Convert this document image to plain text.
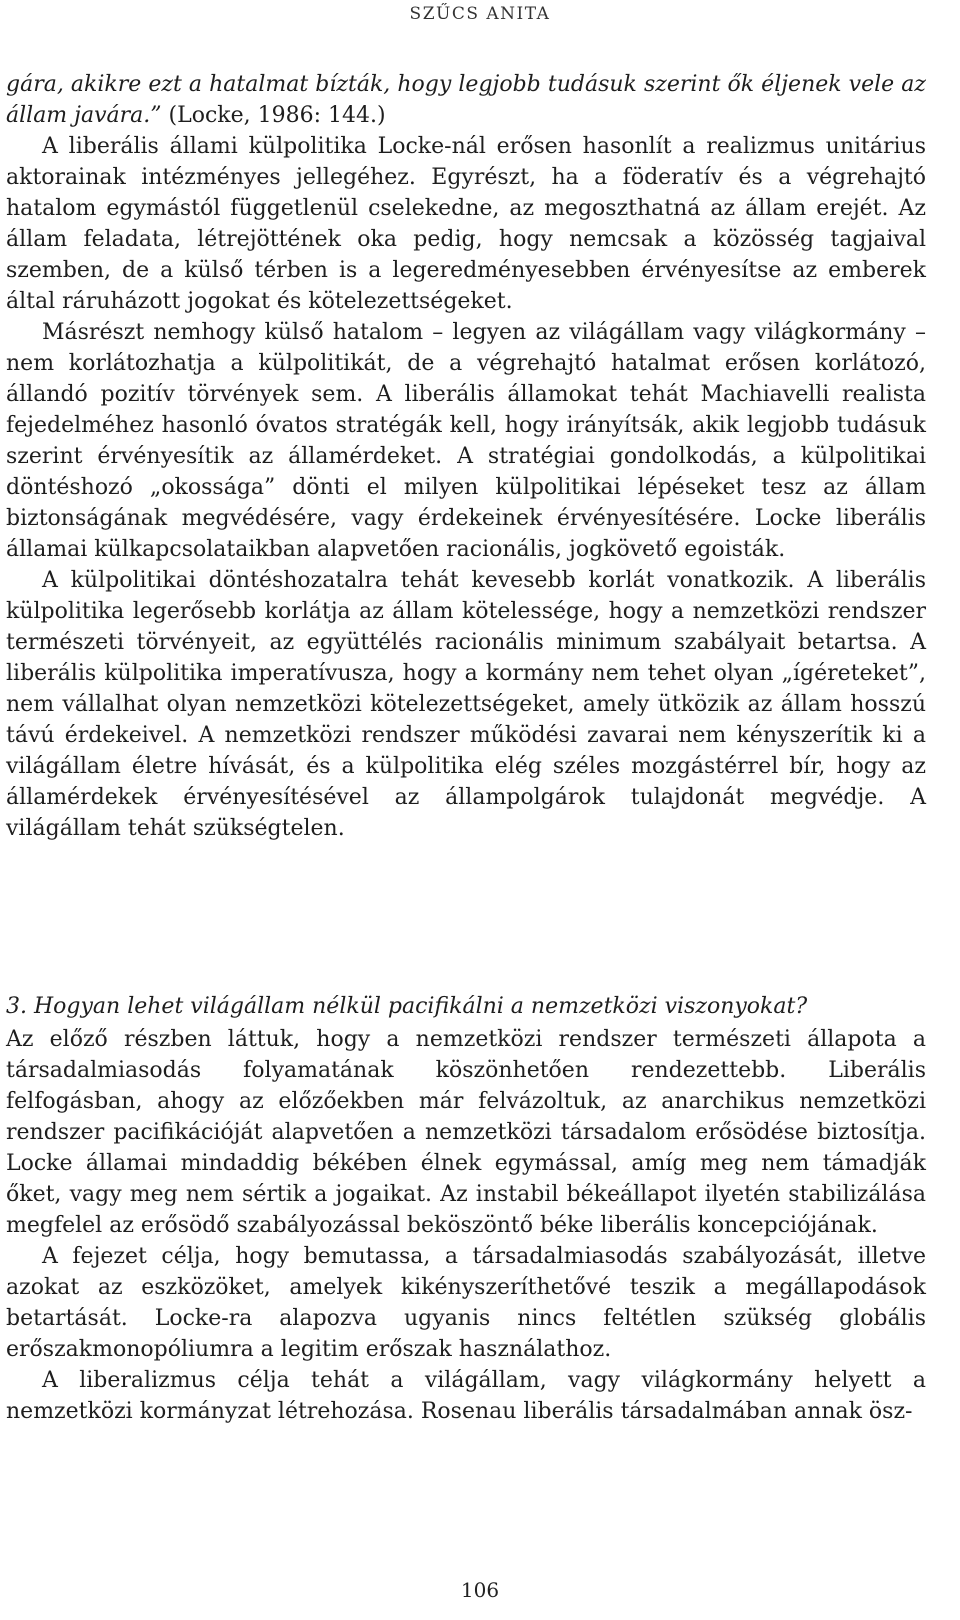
SZŰCS ANITA

gára, akikre ezt a hatalmat bízták, hogy legjobb tudásuk szerint ők éljenek vele az állam javára.” (Locke, 1986: 144.)

A liberális állami külpolitika Locke-nál erősen hasonlít a realizmus unitárius aktorainak intézményes jellegéhez. Egyrészt, ha a föderatív és a végrehajtó hatalom egymástól függetlenül cselekedne, az megoszthatná az állam erejét. Az állam feladata, létrejöttének oka pedig, hogy nemcsak a közösség tagjaival szemben, de a külső térben is a legeredményesebben érvényesítse az emberek által ráruházott jogokat és kötelezettségeket.

Másrészt nemhogy külső hatalom – legyen az világállam vagy világkormány – nem korlátozhatja a külpolitikát, de a végrehajtó hatalmat erősen korlátozó, állandó pozitív törvények sem. A liberális államokat tehát Machiavelli realista fejedelméhez hasonló óvatos stratégák kell, hogy irányítsák, akik legjobb tudásuk szerint érvényesítik az államérdeket. A stratégiai gondolkodás, a külpolitikai döntéshozó „okossága” dönti el milyen külpolitikai lépéseket tesz az állam biztonságának megvédésére, vagy érdekeinek érvényesítésére. Locke liberális államai külkapcsolataikban alapvetően racionális, jogkövető egoisták.

A külpolitikai döntéshozatalra tehát kevesebb korlát vonatkozik. A liberális külpolitika legerősebb korlátja az állam kötelessége, hogy a nemzetközi rendszer természeti törvényeit, az együttélés racionális minimum szabályait betartsa. A liberális külpolitika imperatívusza, hogy a kormány nem tehet olyan „ígéreteket”, nem vállalhat olyan nemzetközi kötelezettségeket, amely ütközik az állam hosszú távú érdekeivel. A nemzetközi rendszer működési zavarai nem kényszerítik ki a világállam életre hívását, és a külpolitika elég széles mozgástérrel bír, hogy az államérdekek érvényesítésével az állampolgárok tulajdonát megvédje. A világállam tehát szükségtelen.

3. Hogyan lehet világállam nélkül pacifikálni a nemzetközi viszonyokat?

Az előző részben láttuk, hogy a nemzetközi rendszer természeti állapota a társadalmiasodás folyamatának köszönhetően rendezettebb. Liberális felfogásban, ahogy az előzőekben már felvázoltuk, az anarchikus nemzetközi rendszer pacifikációját alapvetően a nemzetközi társadalom erősödése biztosítja. Locke államai mindaddig békében élnek egymással, amíg meg nem támadják őket, vagy meg nem sértik a jogaikat. Az instabil békeállapot ilyetén stabilizálása megfelel az erősödő szabályozással beköszöntő béke liberális koncepciójának.

A fejezet célja, hogy bemutassa, a társadalmiasodás szabályozását, illetve azokat az eszközöket, amelyek kikényszeríthetővé teszik a megállapodások betartását. Locke-ra alapozva ugyanis nincs feltétlen szükség globális erőszakmonopóliumra a legitim erőszak használathoz.

A liberalizmus célja tehát a világállam, vagy világkormány helyett a nemzetközi kormányzat létrehozása. Rosenau liberális társadalmában annak ösz-

106
